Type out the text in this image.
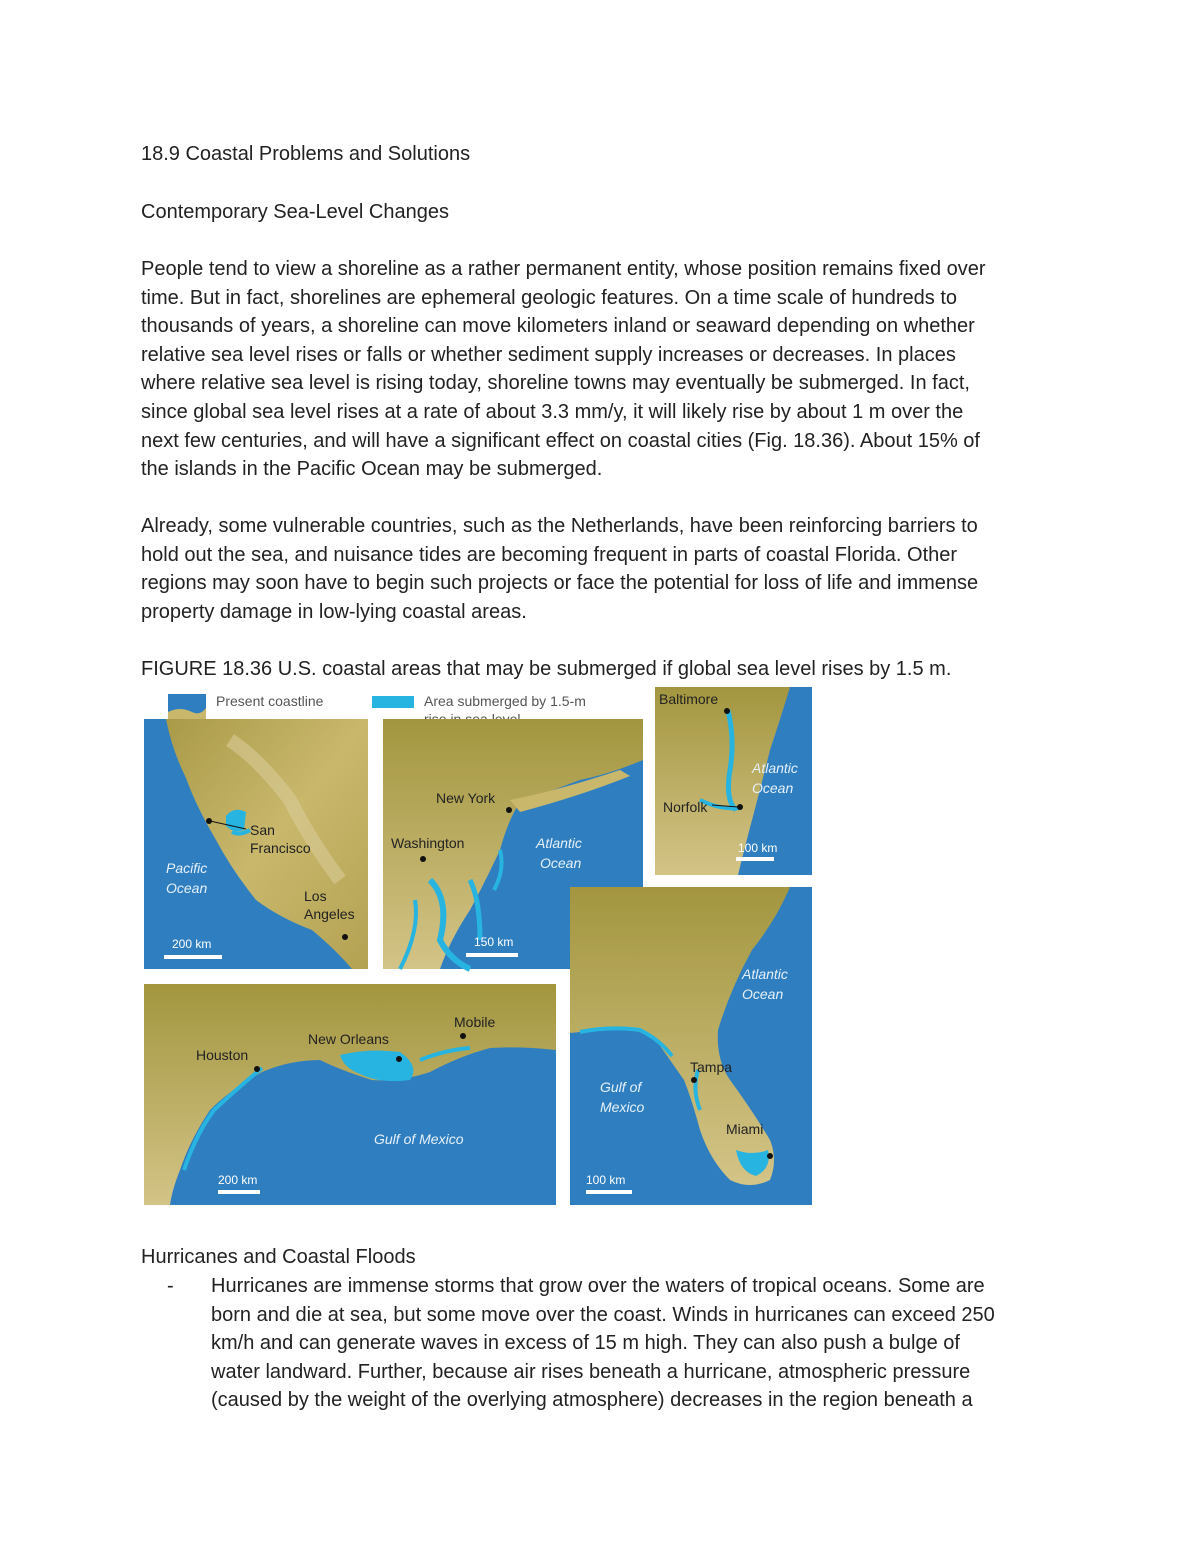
18.9 Coastal Problems and Solutions
Contemporary Sea-Level Changes
People tend to view a shoreline as a rather permanent entity, whose position remains fixed over
time. But in fact, shorelines are ephemeral geologic features. On a time scale of hundreds to
thousands of years, a shoreline can move kilometers inland or seaward depending on whether
relative sea level rises or falls or whether sediment supply increases or decreases. In places
where relative sea level is rising today, shoreline towns may eventually be submerged. In fact,
since global sea level rises at a rate of about 3.3 mm/y, it will likely rise by about 1 m over the
next few centuries, and will have a significant effect on coastal cities (Fig. 18.36). About 15% of
the islands in the Pacific Ocean may be submerged.
Already, some vulnerable countries, such as the Netherlands, have been reinforcing barriers to
hold out the sea, and nuisance tides are becoming frequent in parts of coastal Florida. Other
regions may soon have to begin such projects or face the potential for loss of life and immense
property damage in low-lying coastal areas.
FIGURE 18.36 U.S. coastal areas that may be submerged if global sea level rises by 1.5 m.
Present coastline	Area submerged by 1.5-m
San
Francisco
Los
Angeles
Pacific
Ocean
200 km
New York
Washington	Atlantic
Ocean
150 km
Baltimore
Norfolk
Atlantic
Ocean
100 km
Houston
New Orleans
Mobile
Gulf of Mexico
200 km
Tampa
Miami
Atlantic
Ocean
Gulf of
Mexico
100 km
Hurricanes and Coastal Floods
- Hurricanes are immense storms that grow over the waters of tropical oceans. Some are
born and die at sea, but some move over the coast. Winds in hurricanes can exceed 250
km/h and can generate waves in excess of 15 m high. They can also push a bulge of
water landward. Further, because air rises beneath a hurricane, atmospheric pressure
(caused by the weight of the overlying atmosphere) decreases in the region beneath a
